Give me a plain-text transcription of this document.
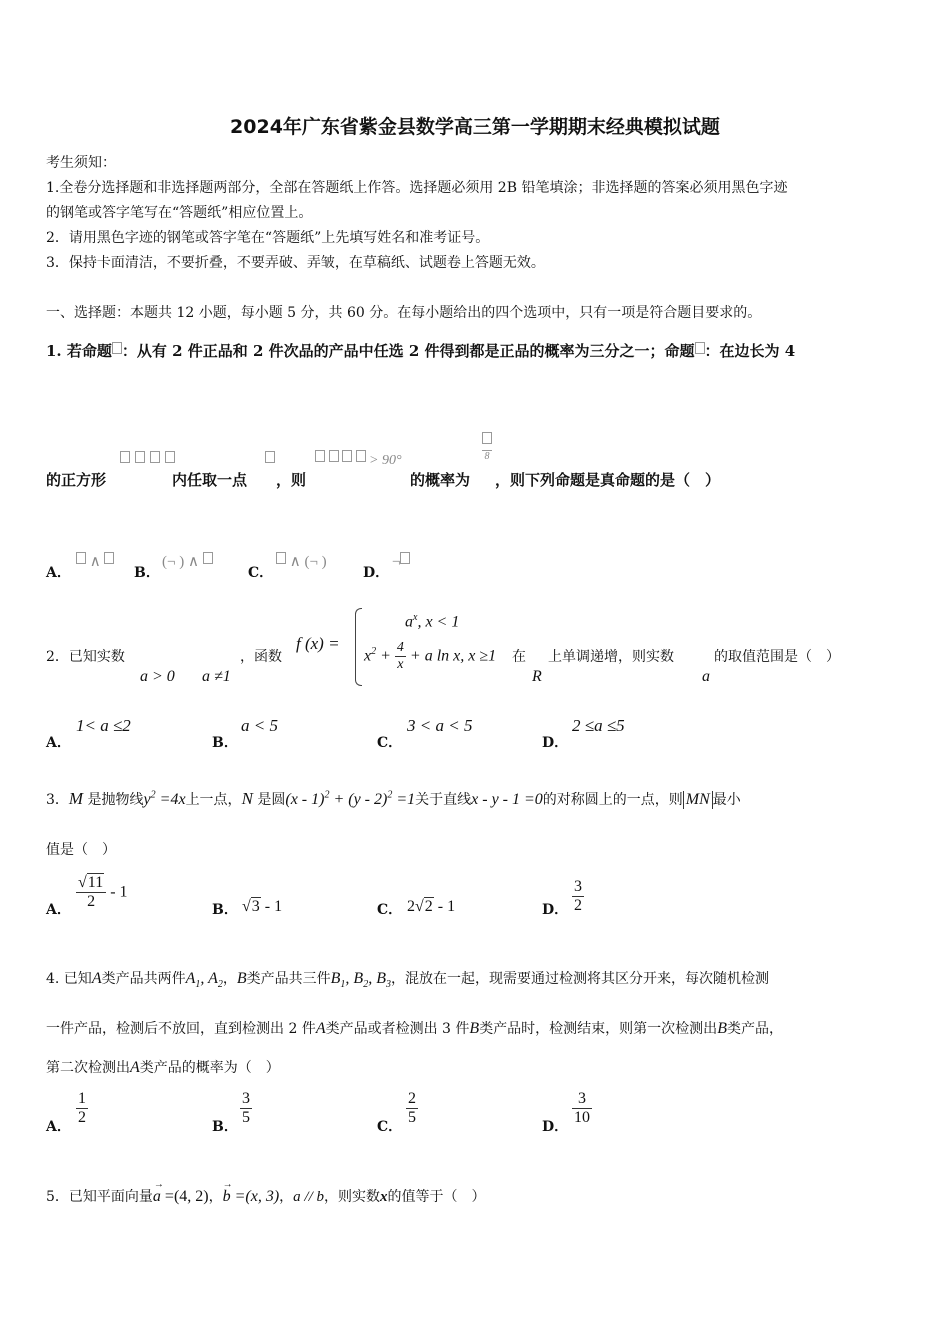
2024年广东省紫金县数学高三第一学期期末经典模拟试题
考生须知：
1.全卷分选择题和非选择题两部分，全部在答题纸上作答。选择题必须用 2B 铅笔填涂；非选择题的答案必须用黑色字迹
的钢笔或答字笔写在“答题纸”相应位置上。
2．请用黑色字迹的钢笔或答字笔在“答题纸”上先填写姓名和准考证号。
3．保持卡面清洁，不要折叠，不要弄破、弄皱，在草稿纸、试题卷上答题无效。
一、选择题：本题共 12 小题，每小题 5 分，共 60 分。在每小题给出的四个选项中，只有一项是符合题目要求的。
1. 若命题 ：从有 2 件正品和 2 件次品的产品中任选 2 件得到都是正品的概率为三分之一；命题 ：在边长为 4

> 90°	8
的正方形	内任取一点 ，则	的概率为 ，则下列命题是真命题的是（　）
A．
∧
B．
(¬ ) ∧
C．
∧ (¬ )
D．
¬
2．已知实数
a > 0 a ≠1
，函数
f (x) =
$a^x$, x < 1
$x^2 + \frac{4}{x} + a$ ln x, x ≥1 在
R
上单调递增，则实数
a
的取值范围是（　）
A．
1< a ≤2
B．
a < 5
C．
3 < a < 5
D．
2 ≤a ≤5
3．M 是抛物线$y^2 =4x$上一点，N 是圆(x - 1)$^2$ + (y - 2)$^2$ =1关于直线x - y - 1 =0的对称圆上的一点，则 MN 最小
值是（　）
A． $\frac{√11}{2} - 1$
B． √3 - 1	C． 2√2 - 1	D． $\frac{3}{2}$
4. 已知A类产品共两件$A_1$, $A_2$，B类产品共三件$B_1$, $B_2$, $B_3$，混放在一起，现需要通过检测将其区分开来，每次随机检测
一件产品，检测后不放回，直到检测出 2 件A类产品或者检测出 3 件B类产品时，检测结束，则第一次检测出B类产品，
第二次检测出A类产品的概率为（　）
A． $\frac{1}{2}$	B． $\frac{3}{5}$	C． $\frac{2}{5}$	D． $\frac{3}{10}$
5．已知平面向量
→
a =(4, 2)，
→
b =(x, 3)，a // b，则实数x的值等于（　）
